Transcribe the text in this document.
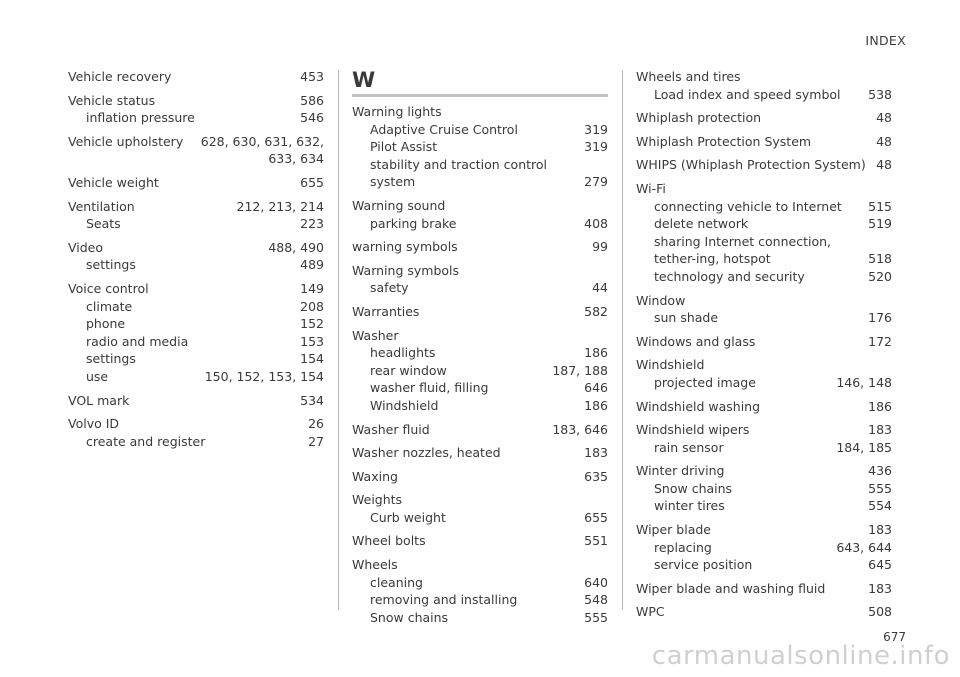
INDEX
Vehicle recovery	453
Vehicle status	586
inflation pressure	546
Vehicle upholstery	628, 630, 631, 632,
633, 634
Vehicle weight	655
Ventilation	212, 213, 214
Seats	223
Video	488, 490
settings	489
Voice control	149
climate	208
phone	152
radio and media	153
settings	154
use	150, 152, 153, 154
VOL mark	534
Volvo ID	26
create and register	27
W
Warning lights
Adaptive Cruise Control	319
Pilot Assist	319
stability and traction control system	279
Warning sound
parking brake	408
warning symbols	99
Warning symbols
safety	44
Warranties	582
Washer
headlights	186
rear window	187, 188
washer fluid, filling	646
Windshield	186
Washer fluid	183, 646
Washer nozzles, heated	183
Waxing	635
Weights
Curb weight	655
Wheel bolts	551
Wheels
cleaning	640
removing and installing	548
Snow chains	555
Wheels and tires
Load index and speed symbol	538
Whiplash protection	48
Whiplash Protection System	48
WHIPS (Whiplash Protection System) 48
Wi-Fi
connecting vehicle to Internet	515
delete network	519
sharing Internet connection, tether-ing, hotspot	518
technology and security	520
Window
sun shade	176
Windows and glass	172
Windshield
projected image	146, 148
Windshield washing	186
Windshield wipers	183
rain sensor	184, 185
Winter driving	436
Snow chains	555
winter tires	554
Wiper blade	183
replacing	643, 644
service position	645
Wiper blade and washing fluid	183
WPC	508
677
carmanualsonline.info
